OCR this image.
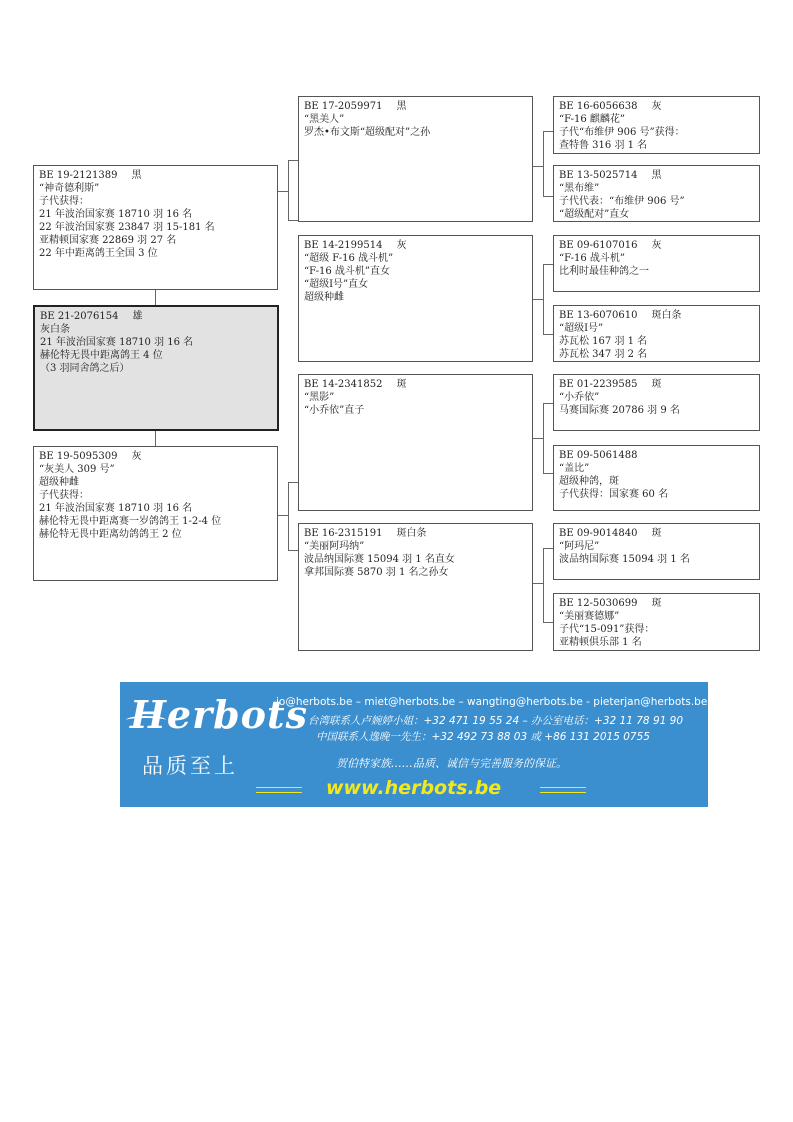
BE 19-2121389 黑
“神奇德利斯”
子代获得：
21 年波治国家赛 18710 羽 16 名
22 年波治国家赛 23847 羽 15-181 名
亚精顿国家赛 22869 羽 27 名
22 年中距离鸽王全国 3 位
BE 21-2076154 雄
灰白条
21 年波治国家赛 18710 羽 16 名
赫伦特无畏中距离鸽王 4 位
（3 羽同舍鸽之后）
BE 19-5095309 灰
“灰美人 309 号”
超级种雌
子代获得：
21 年波治国家赛 18710 羽 16 名
赫伦特无畏中距离赛一岁鸽鸽王 1-2-4 位
赫伦特无畏中距离幼鸽鸽王 2 位
BE 17-2059971 黑
“黑美人”
罗杰•布文斯“超级配对”之孙
BE 14-2199514 灰
“超级 F-16 战斗机”
“F-16 战斗机”直女
“超级Ⅰ号”直女
超级种雌
BE 14-2341852 斑
“黑影”
“小乔依”直子
BE 16-2315191 斑白条
“美丽阿玛纳”
波品纳国际赛 15094 羽 1 名直女
拿邦国际赛 5870 羽 1 名之孙女
BE 16-6056638 灰
“F-16 麒麟花”
子代“布维伊 906 号”获得：
查特鲁 316 羽 1 名
BE 13-5025714 黑
“黑布维”
子代代表：“布维伊 906 号”
“超级配对”直女
BE 09-6107016 灰
“F-16 战斗机”
比利时最佳种鸽之一
BE 13-6070610 斑白条
“超级Ⅰ号”
苏瓦松 167 羽 1 名
苏瓦松 347 羽 2 名
BE 01-2239585 斑
“小乔依”
马赛国际赛 20786 羽 9 名
BE 09-5061488
“盖比”
超级种鸽，斑
子代获得：国家赛 60 名
BE 09-9014840 斑
“阿玛尼”
波品纳国际赛 15094 羽 1 名
BE 12-5030699 斑
“美丽赛德娜”
子代“15-091”获得：
亚精顿俱乐部 1 名
Herbots
品质至上
jo@herbots.be – miet@herbots.be – wangting@herbots.be - pieterjan@herbots.be
台湾联系人卢婉婷小姐：+32 471 19 55 24 – 办公室电话：+32 11 78 91 90
中国联系人逸晚一先生：+32 492 73 88 03 或 +86 131 2015 0755
贺伯特家族……品质、诚信与完善服务的保证。
www.herbots.be
